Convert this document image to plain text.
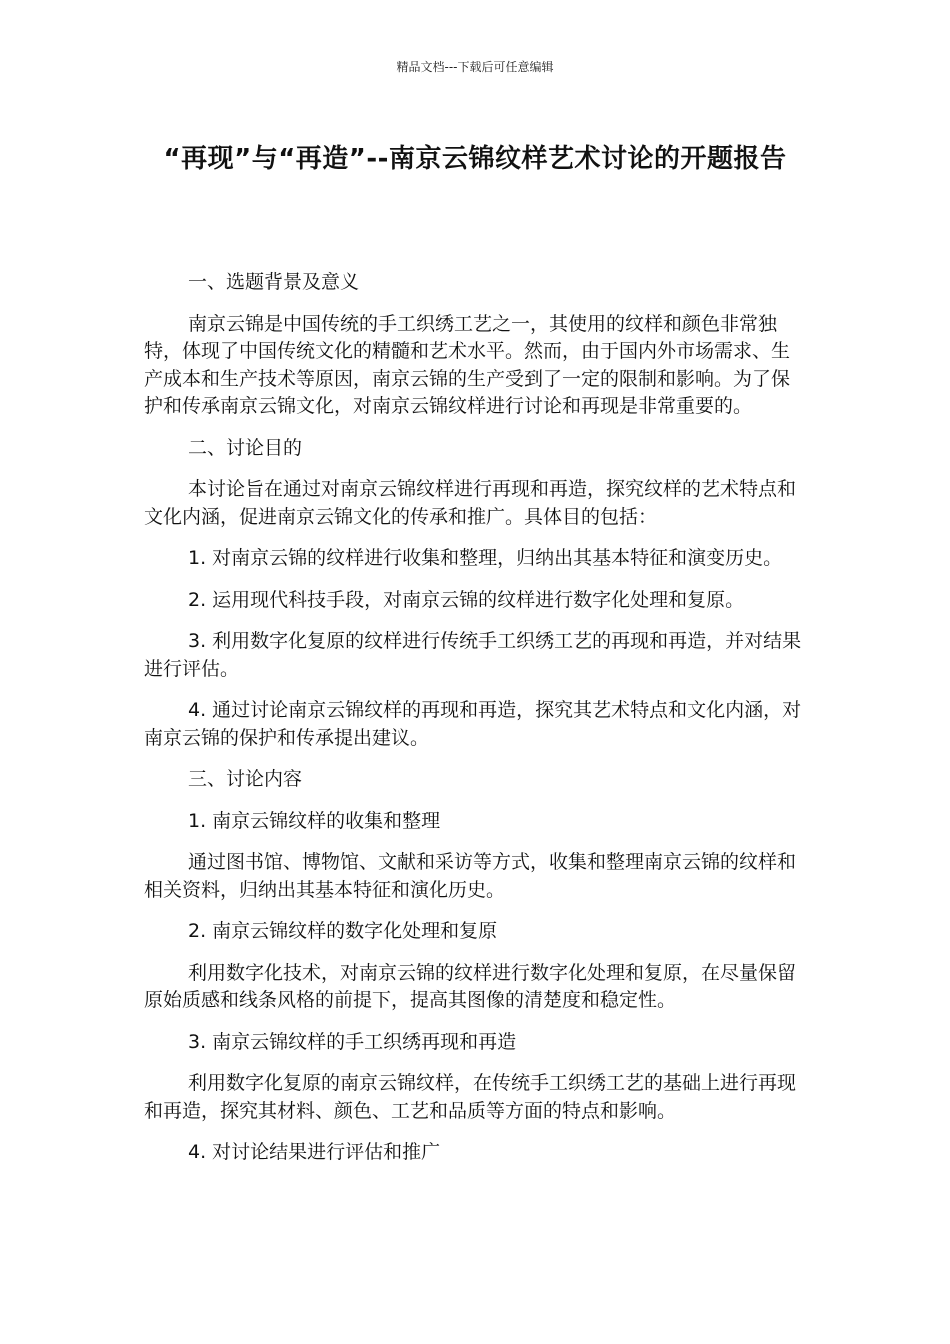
精品文档---下载后可任意编辑
“再现”与“再造”--南京云锦纹样艺术讨论的开题报告

一、选题背景及意义

南京云锦是中国传统的手工织绣工艺之一，其使用的纹样和颜色非常独特，体现了中国传统文化的精髓和艺术水平。然而，由于国内外市场需求、生产成本和生产技术等原因，南京云锦的生产受到了一定的限制和影响。为了保护和传承南京云锦文化，对南京云锦纹样进行讨论和再现是非常重要的。

二、讨论目的

本讨论旨在通过对南京云锦纹样进行再现和再造，探究纹样的艺术特点和文化内涵，促进南京云锦文化的传承和推广。具体目的包括：

1. 对南京云锦的纹样进行收集和整理，归纳出其基本特征和演变历史。

2. 运用现代科技手段，对南京云锦的纹样进行数字化处理和复原。

3. 利用数字化复原的纹样进行传统手工织绣工艺的再现和再造，并对结果进行评估。

4. 通过讨论南京云锦纹样的再现和再造，探究其艺术特点和文化内涵，对南京云锦的保护和传承提出建议。

三、讨论内容

1. 南京云锦纹样的收集和整理

通过图书馆、博物馆、文献和采访等方式，收集和整理南京云锦的纹样和相关资料，归纳出其基本特征和演化历史。

2. 南京云锦纹样的数字化处理和复原

利用数字化技术，对南京云锦的纹样进行数字化处理和复原，在尽量保留原始质感和线条风格的前提下，提高其图像的清楚度和稳定性。

3. 南京云锦纹样的手工织绣再现和再造

利用数字化复原的南京云锦纹样，在传统手工织绣工艺的基础上进行再现和再造，探究其材料、颜色、工艺和品质等方面的特点和影响。

4. 对讨论结果进行评估和推广
